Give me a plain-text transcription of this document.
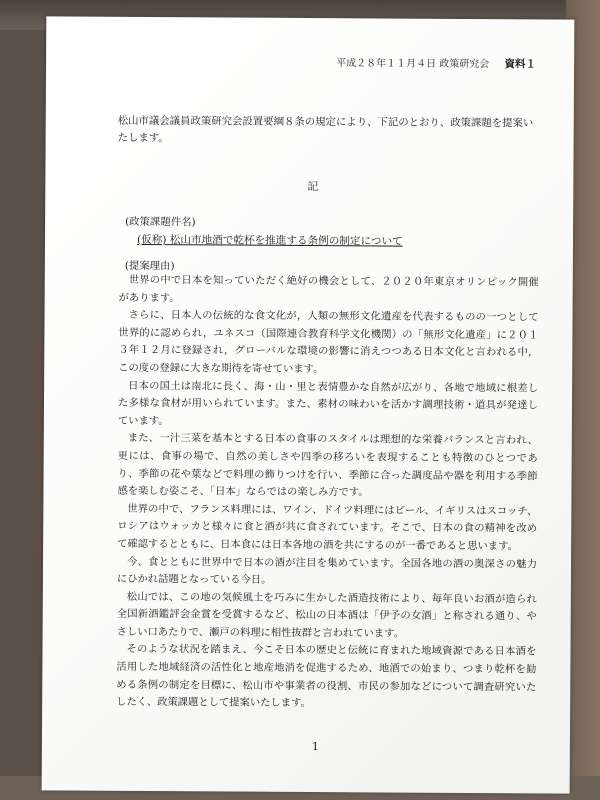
平成２８年１１月４日 政策研究会 資料１
松山市議会議員政策研究会設置要綱８条の規定により、下記のとおり、政策課題を提案いたします。
記
(政策課題件名)
(仮称) 松山市地酒で乾杯を推進する条例の制定について
(提案理由)

世界の中で日本を知っていただく絶好の機会として、２０２０年東京オリンピック開催があります。

さらに、日本人の伝統的な食文化が，人類の無形文化遺産を代表するものの一つとして世界的に認められ，ユネスコ（国際連合教育科学文化機関）の「無形文化遺産」に２０１３年１２月に登録され，グローバルな環境の影響に消えつつある日本文化と言われる中，この度の登録に大きな期待を寄せています。

日本の国土は南北に長く、海・山・里と表情豊かな自然が広がり、各地で地域に根差した多様な食材が用いられています。また、素材の味わいを活かす調理技術・道具が発達しています。

また、一汁三菜を基本とする日本の食事のスタイルは理想的な栄養バランスと言われ、更には、食事の場で、自然の美しさや四季の移ろいを表現することも特徴のひとつであり、季節の花や葉などで料理の飾りつけを行い、季節に合った調度品や器を利用する季節感を楽しむ姿こそ、「日本」ならではの楽しみ方です。

世界の中で、フランス料理には、ワイン、ドイツ料理にはビール、イギリスはスコッチ、ロシアはウォッカと様々に食と酒が共に食されています。そこで、日本の食の精神を改めて確認するとともに、日本食には日本各地の酒を共にするのが一番であると思います。

今、食とともに世界中で日本の酒が注目を集めています。全国各地の酒の奥深さの魅力にひかれ話題となっている今日。

松山では、この地の気候風土を巧みに生かした酒造技術により、毎年良いお酒が造られ全国新酒鑑評会金賞を受賞するなど、松山の日本酒は「伊予の女酒」と称される通り、やさしい口あたりで、瀬戸の料理に相性抜群と言われています。

そのような状況を踏まえ、今こそ日本の歴史と伝統に育まれた地域資源である日本酒を活用した地域経済の活性化と地産地消を促進するため、地酒での始まり、つまり乾杯を勧める条例の制定を目標に、松山市や事業者の役割、市民の参加などについて調査研究いたしたく、政策課題として提案いたします。

1
